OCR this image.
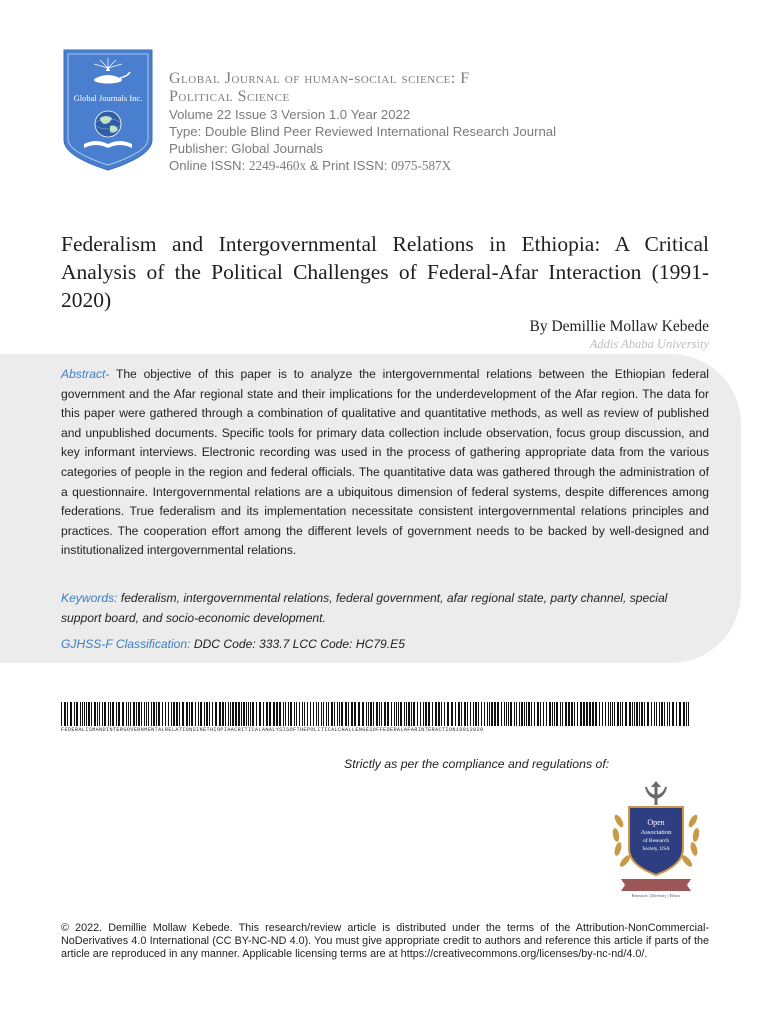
Global Journals Inc.
Global Journal of human-social science: F
Political Science
Volume 22 Issue 3 Version 1.0 Year 2022
Type: Double Blind Peer Reviewed International Research Journal
Publisher: Global Journals
Online ISSN: 2249-460x & Print ISSN: 0975-587X
Federalism and Intergovernmental Relations in Ethiopia: A Critical Analysis of the Political Challenges of Federal-Afar Interaction (1991-2020)
By Demillie Mollaw Kebede
Addis Ababa University
Abstract- The objective of this paper is to analyze the intergovernmental relations between the Ethiopian federal government and the Afar regional state and their implications for the underdevelopment of the Afar region. The data for this paper were gathered through a combination of qualitative and quantitative methods, as well as review of published and unpublished documents. Specific tools for primary data collection include observation, focus group discussion, and key informant interviews. Electronic recording was used in the process of gathering appropriate data from the various categories of people in the region and federal officials. The quantitative data was gathered through the administration of a questionnaire. Intergovernmental relations are a ubiquitous dimension of federal systems, despite differences among federations. True federalism and its implementation necessitate consistent intergovernmental relations principles and practices. The cooperation effort among the different levels of government needs to be backed by well-designed and institutionalized intergovernmental relations.
Keywords: federalism, intergovernmental relations, federal government, afar regional state, party channel, special support board, and socio-economic development.
GJHSS-F Classification: DDC Code: 333.7 LCC Code: HC79.E5
FEDERALISMANDINTERGOVERNMENTALRELATIONSINETHIOPIAACRITICALANALYSISOFTHEPOLITICALCHALLENGESOFFEDERALAFARINTERACTION19912020
Strictly as per the compliance and regulations of:
Open
Association
of Research
Society, USA
Research | Diversity | Ethics
© 2022. Demillie Mollaw Kebede. This research/review article is distributed under the terms of the Attribution-NonCommercial-NoDerivatives 4.0 International (CC BY-NC-ND 4.0). You must give appropriate credit to authors and reference this article if parts of the article are reproduced in any manner. Applicable licensing terms are at https://creativecommons.org/licenses/by-nc-nd/4.0/.
